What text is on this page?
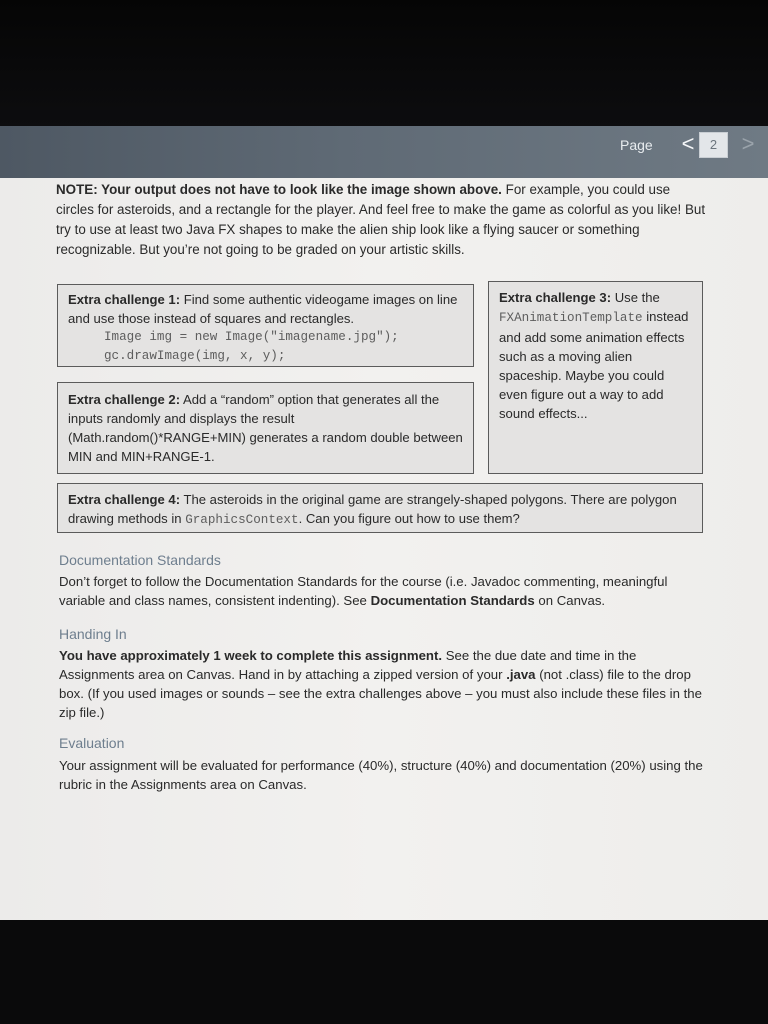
Page <	2	>
NOTE: Your output does not have to look like the image shown above. For example, you could use circles for asteroids, and a rectangle for the player. And feel free to make the game as colorful as you like! But try to use at least two Java FX shapes to make the alien ship look like a flying saucer or something recognizable. But you’re not going to be graded on your artistic skills.
Extra challenge 1: Find some authentic videogame images on line and use those instead of squares and rectangles.
Image img = new Image("imagename.jpg");
gc.drawImage(img, x, y);
Extra challenge 2: Add a “random” option that generates all the inputs randomly and displays the result (Math.random()*RANGE+MIN) generates a random double between MIN and MIN+RANGE-1.
Extra challenge 3: Use the FXAnimationTemplate instead and add some animation effects such as a moving alien spaceship. Maybe you could even figure out a way to add sound effects...
Extra challenge 4: The asteroids in the original game are strangely-shaped polygons. There are polygon drawing methods in GraphicsContext. Can you figure out how to use them?
Documentation Standards
Don’t forget to follow the Documentation Standards for the course (i.e. Javadoc commenting, meaningful variable and class names, consistent indenting). See Documentation Standards on Canvas.
Handing In
You have approximately 1 week to complete this assignment. See the due date and time in the Assignments area on Canvas. Hand in by attaching a zipped version of your .java (not .class) file to the drop box. (If you used images or sounds – see the extra challenges above – you must also include these files in the zip file.)
Evaluation
Your assignment will be evaluated for performance (40%), structure (40%) and documentation (20%) using the rubric in the Assignments area on Canvas.
